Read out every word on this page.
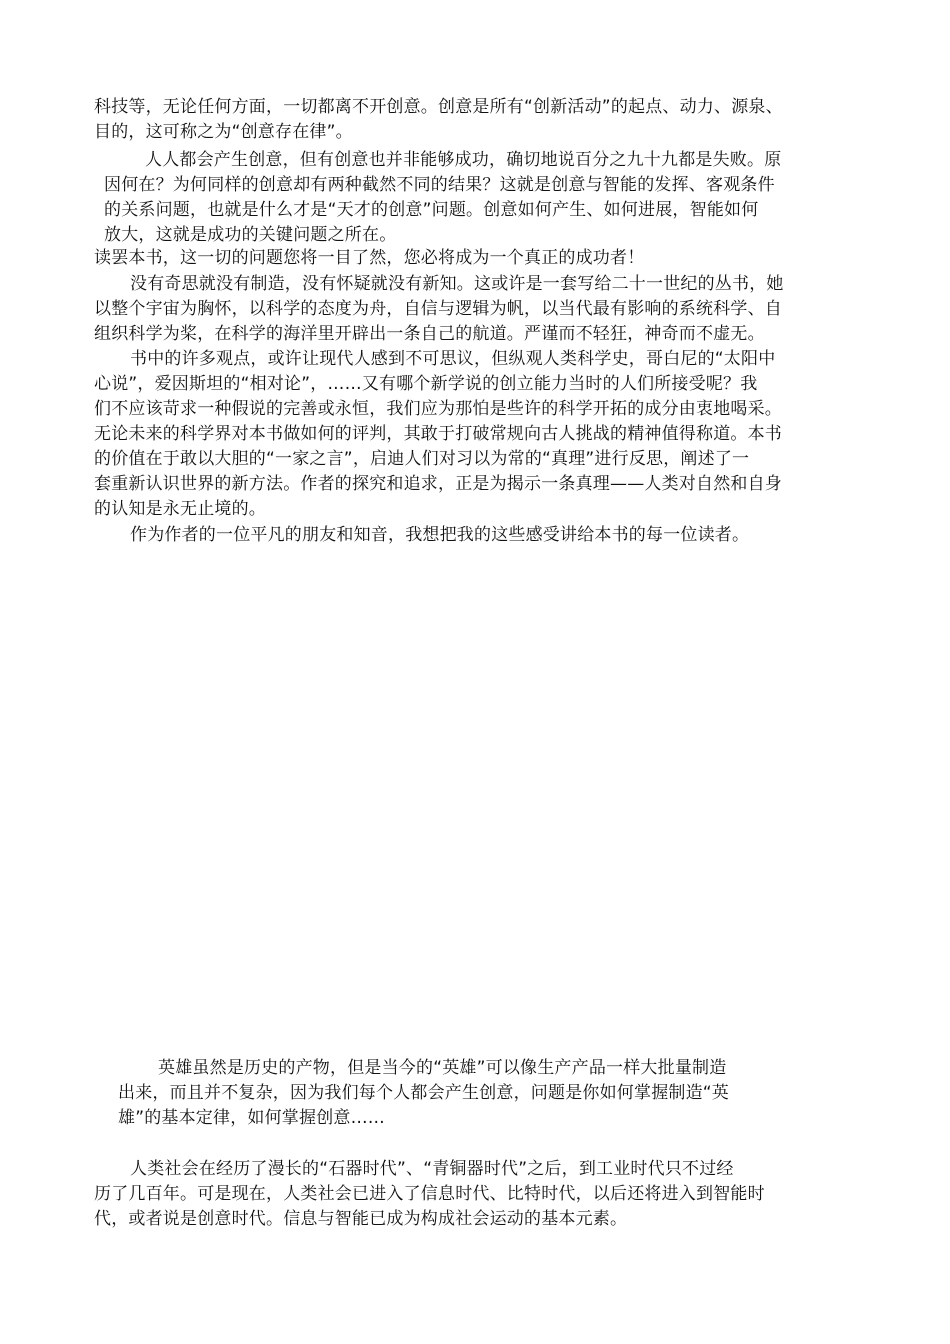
科技等，无论任何方面，一切都离不开创意。创意是所有“创新活动”的起点、动力、源泉、
目的，这可称之为“创意存在律”。
人人都会产生创意，但有创意也并非能够成功，确切地说百分之九十九都是失败。原
因何在？为何同样的创意却有两种截然不同的结果？这就是创意与智能的发挥、客观条件
的关系问题，也就是什么才是“天才的创意”问题。创意如何产生、如何进展，智能如何
放大，这就是成功的关键问题之所在。
读罢本书，这一切的问题您将一目了然，您必将成为一个真正的成功者！
没有奇思就没有制造，没有怀疑就没有新知。这或许是一套写给二十一世纪的丛书，她
以整个宇宙为胸怀，以科学的态度为舟，自信与逻辑为帆，以当代最有影响的系统科学、自
组织科学为桨，在科学的海洋里开辟出一条自己的航道。严谨而不轻狂，神奇而不虚无。
书中的许多观点，或许让现代人感到不可思议，但纵观人类科学史，哥白尼的“太阳中
心说”，爱因斯坦的“相对论”，……又有哪个新学说的创立能力当时的人们所接受呢？我
们不应该苛求一种假说的完善或永恒，我们应为那怕是些许的科学开拓的成分由衷地喝采。
无论未来的科学界对本书做如何的评判，其敢于打破常规向古人挑战的精神值得称道。本书
的价值在于敢以大胆的“一家之言”，启迪人们对习以为常的“真理”进行反思，阐述了一
套重新认识世界的新方法。作者的探究和追求，正是为揭示一条真理——人类对自然和自身
的认知是永无止境的。
作为作者的一位平凡的朋友和知音，我想把我的这些感受讲给本书的每一位读者。
英雄虽然是历史的产物，但是当今的“英雄”可以像生产产品一样大批量制造
出来，而且并不复杂，因为我们每个人都会产生创意，问题是你如何掌握制造“英
雄”的基本定律，如何掌握创意……
人类社会在经历了漫长的“石器时代”、“青铜器时代”之后，到工业时代只不过经
历了几百年。可是现在，人类社会已进入了信息时代、比特时代，以后还将进入到智能时
代，或者说是创意时代。信息与智能已成为构成社会运动的基本元素。
